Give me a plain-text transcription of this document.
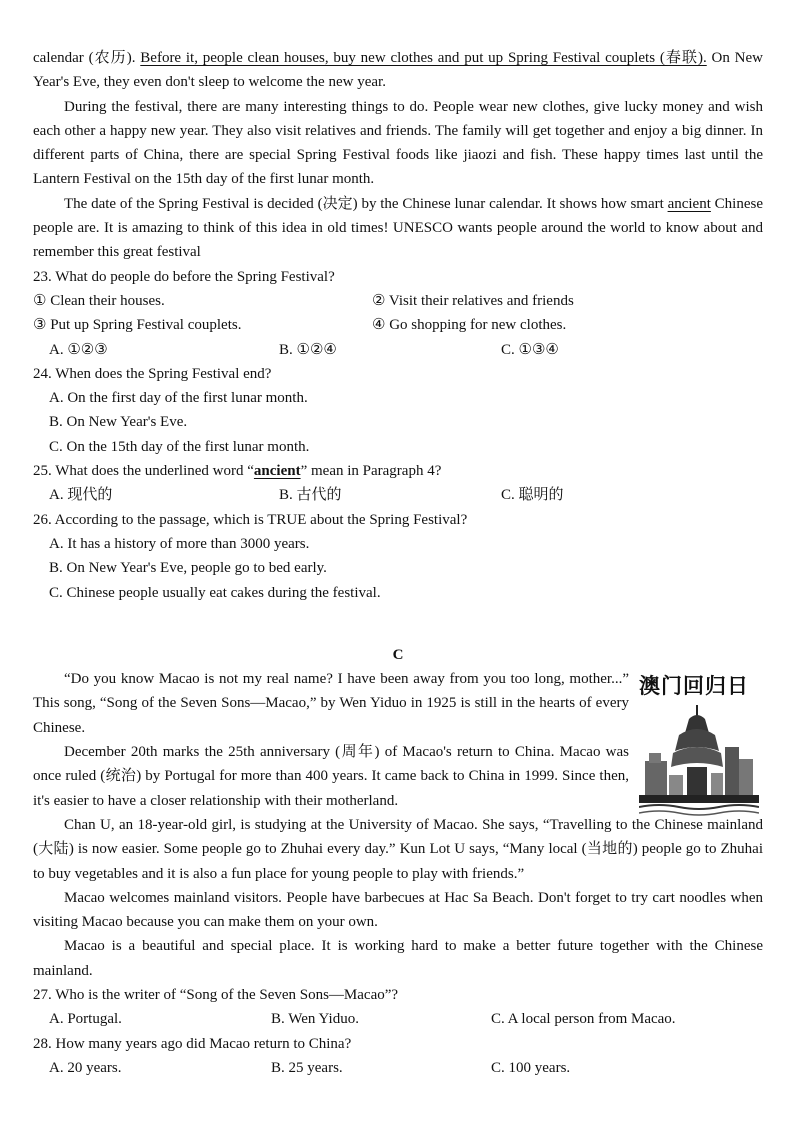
calendar (农历). Before it, people clean houses, buy new clothes and put up Spring Festival couplets (春联). On New Year's Eve, they even don't sleep to welcome the new year.

During the festival, there are many interesting things to do. People wear new clothes, give lucky money and wish each other a happy new year. They also visit relatives and friends. The family will get together and enjoy a big dinner. In different parts of China, there are special Spring Festival foods like jiaozi and fish. These happy times last until the Lantern Festival on the 15th day of the first lunar month.

The date of the Spring Festival is decided (决定) by the Chinese lunar calendar. It shows how smart ancient Chinese people are. It is amazing to think of this idea in old times! UNESCO wants people around the world to know about and remember this great festival

23. What do people do before the Spring Festival?

① Clean their houses.	② Visit their relatives and friends
③ Put up Spring Festival couplets.	④ Go shopping for new clothes.
A. ①②③	B. ①②④	C. ①③④

24. When does the Spring Festival end?

A. On the first day of the first lunar month.

B. On New Year's Eve.

C. On the 15th day of the first lunar month.

25. What does the underlined word “ancient” mean in Paragraph 4?

A. 现代的	B. 古代的	C. 聪明的

26. According to the passage, which is TRUE about the Spring Festival?

A. It has a history of more than 3000 years.

B. On New Year's Eve, people go to bed early.

C. Chinese people usually eat cakes during the festival.

C

“Do you know Macao is not my real name? I have been away from you too long, mother...” This song, “Song of the Seven Sons—Macao,” by Wen Yiduo in 1925 is still in the hearts of every Chinese.

December 20th marks the 25th anniversary (周年) of Macao's return to China. Macao was once ruled (统治) by Portugal for more than 400 years. It came back to China in 1999. Since then, it's easier to have a closer relationship with their motherland.

澳门回归日

Chan U, an 18-year-old girl, is studying at the University of Macao. She says, “Travelling to the Chinese mainland (大陆) is now easier. Some people go to Zhuhai every day.” Kun Lot U says, “Many local (当地的) people go to Zhuhai to buy vegetables and it is also a fun place for young people to play with friends.”

Macao welcomes mainland visitors. People have barbecues at Hac Sa Beach. Don't forget to try cart noodles when visiting Macao because you can make them on your own.

Macao is a beautiful and special place. It is working hard to make a better future together with the Chinese mainland.

27. Who is the writer of “Song of the Seven Sons—Macao”?

A. Portugal.	B. Wen Yiduo.	C. A local person from Macao.

28. How many years ago did Macao return to China?

A. 20 years.	B. 25 years.	C. 100 years.
